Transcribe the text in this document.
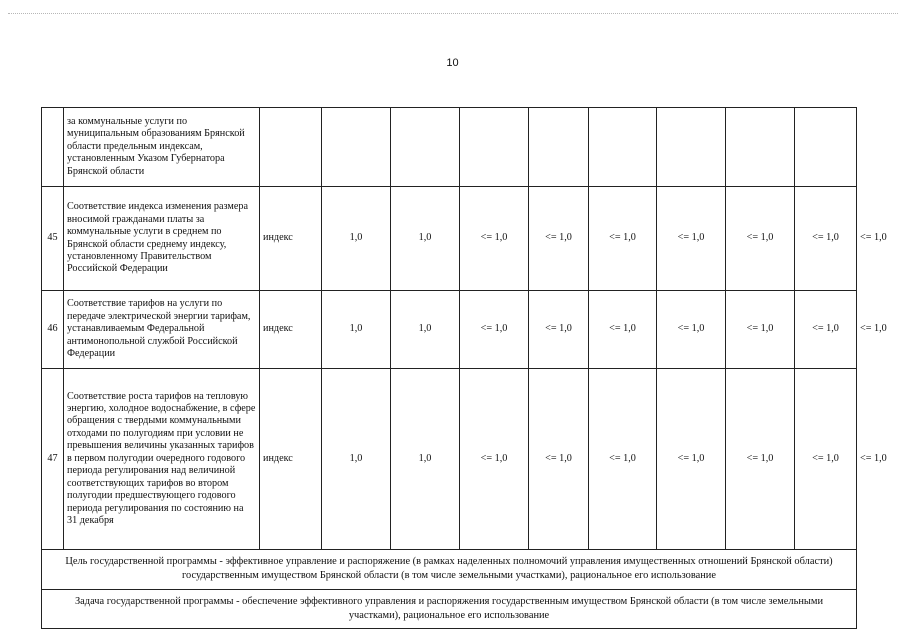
10
	за коммунальные услуги по муниципальным образованиям Брянской области предельным индексам, установленным Указом Губернатора Брянской области										
45	Соответствие индекса изменения размера вносимой гражданами платы за коммунальные услуги в среднем по Брянской области среднему индексу, установленному Правительством Российской Федерации	индекс	1,0	1,0	<= 1,0	<= 1,0	<= 1,0	<= 1,0	<= 1,0	<= 1,0	<= 1,0
46	Соответствие тарифов на услуги по передаче электрической энергии тарифам, устанавливаемым Федеральной антимонопольной службой Российской Федерации	индекс	1,0	1,0	<= 1,0	<= 1,0	<= 1,0	<= 1,0	<= 1,0	<= 1,0	<= 1,0
47	Соответствие роста тарифов на тепловую энергию, холодное водоснабжение, в сфере обращения с твердыми коммунальными отходами по полугодиям при условии не превышения величины указанных тарифов в первом полугодии очередного годового периода регулирования над величиной соответствующих тарифов во втором полугодии предшествующего годового периода регулирования по состоянию на 31 декабря	индекс	1,0	1,0	<= 1,0	<= 1,0	<= 1,0	<= 1,0	<= 1,0	<= 1,0	<= 1,0
Цель государственной программы - эффективное управление и распоряжение (в рамках наделенных полномочий управления имущественных отношений Брянской области) государственным имуществом Брянской области (в том числе земельными участками), рациональное его использование											
Задача государственной программы - обеспечение эффективного управления и распоряжения государственным имуществом Брянской области (в том числе земельными участками), рациональное его использование											
